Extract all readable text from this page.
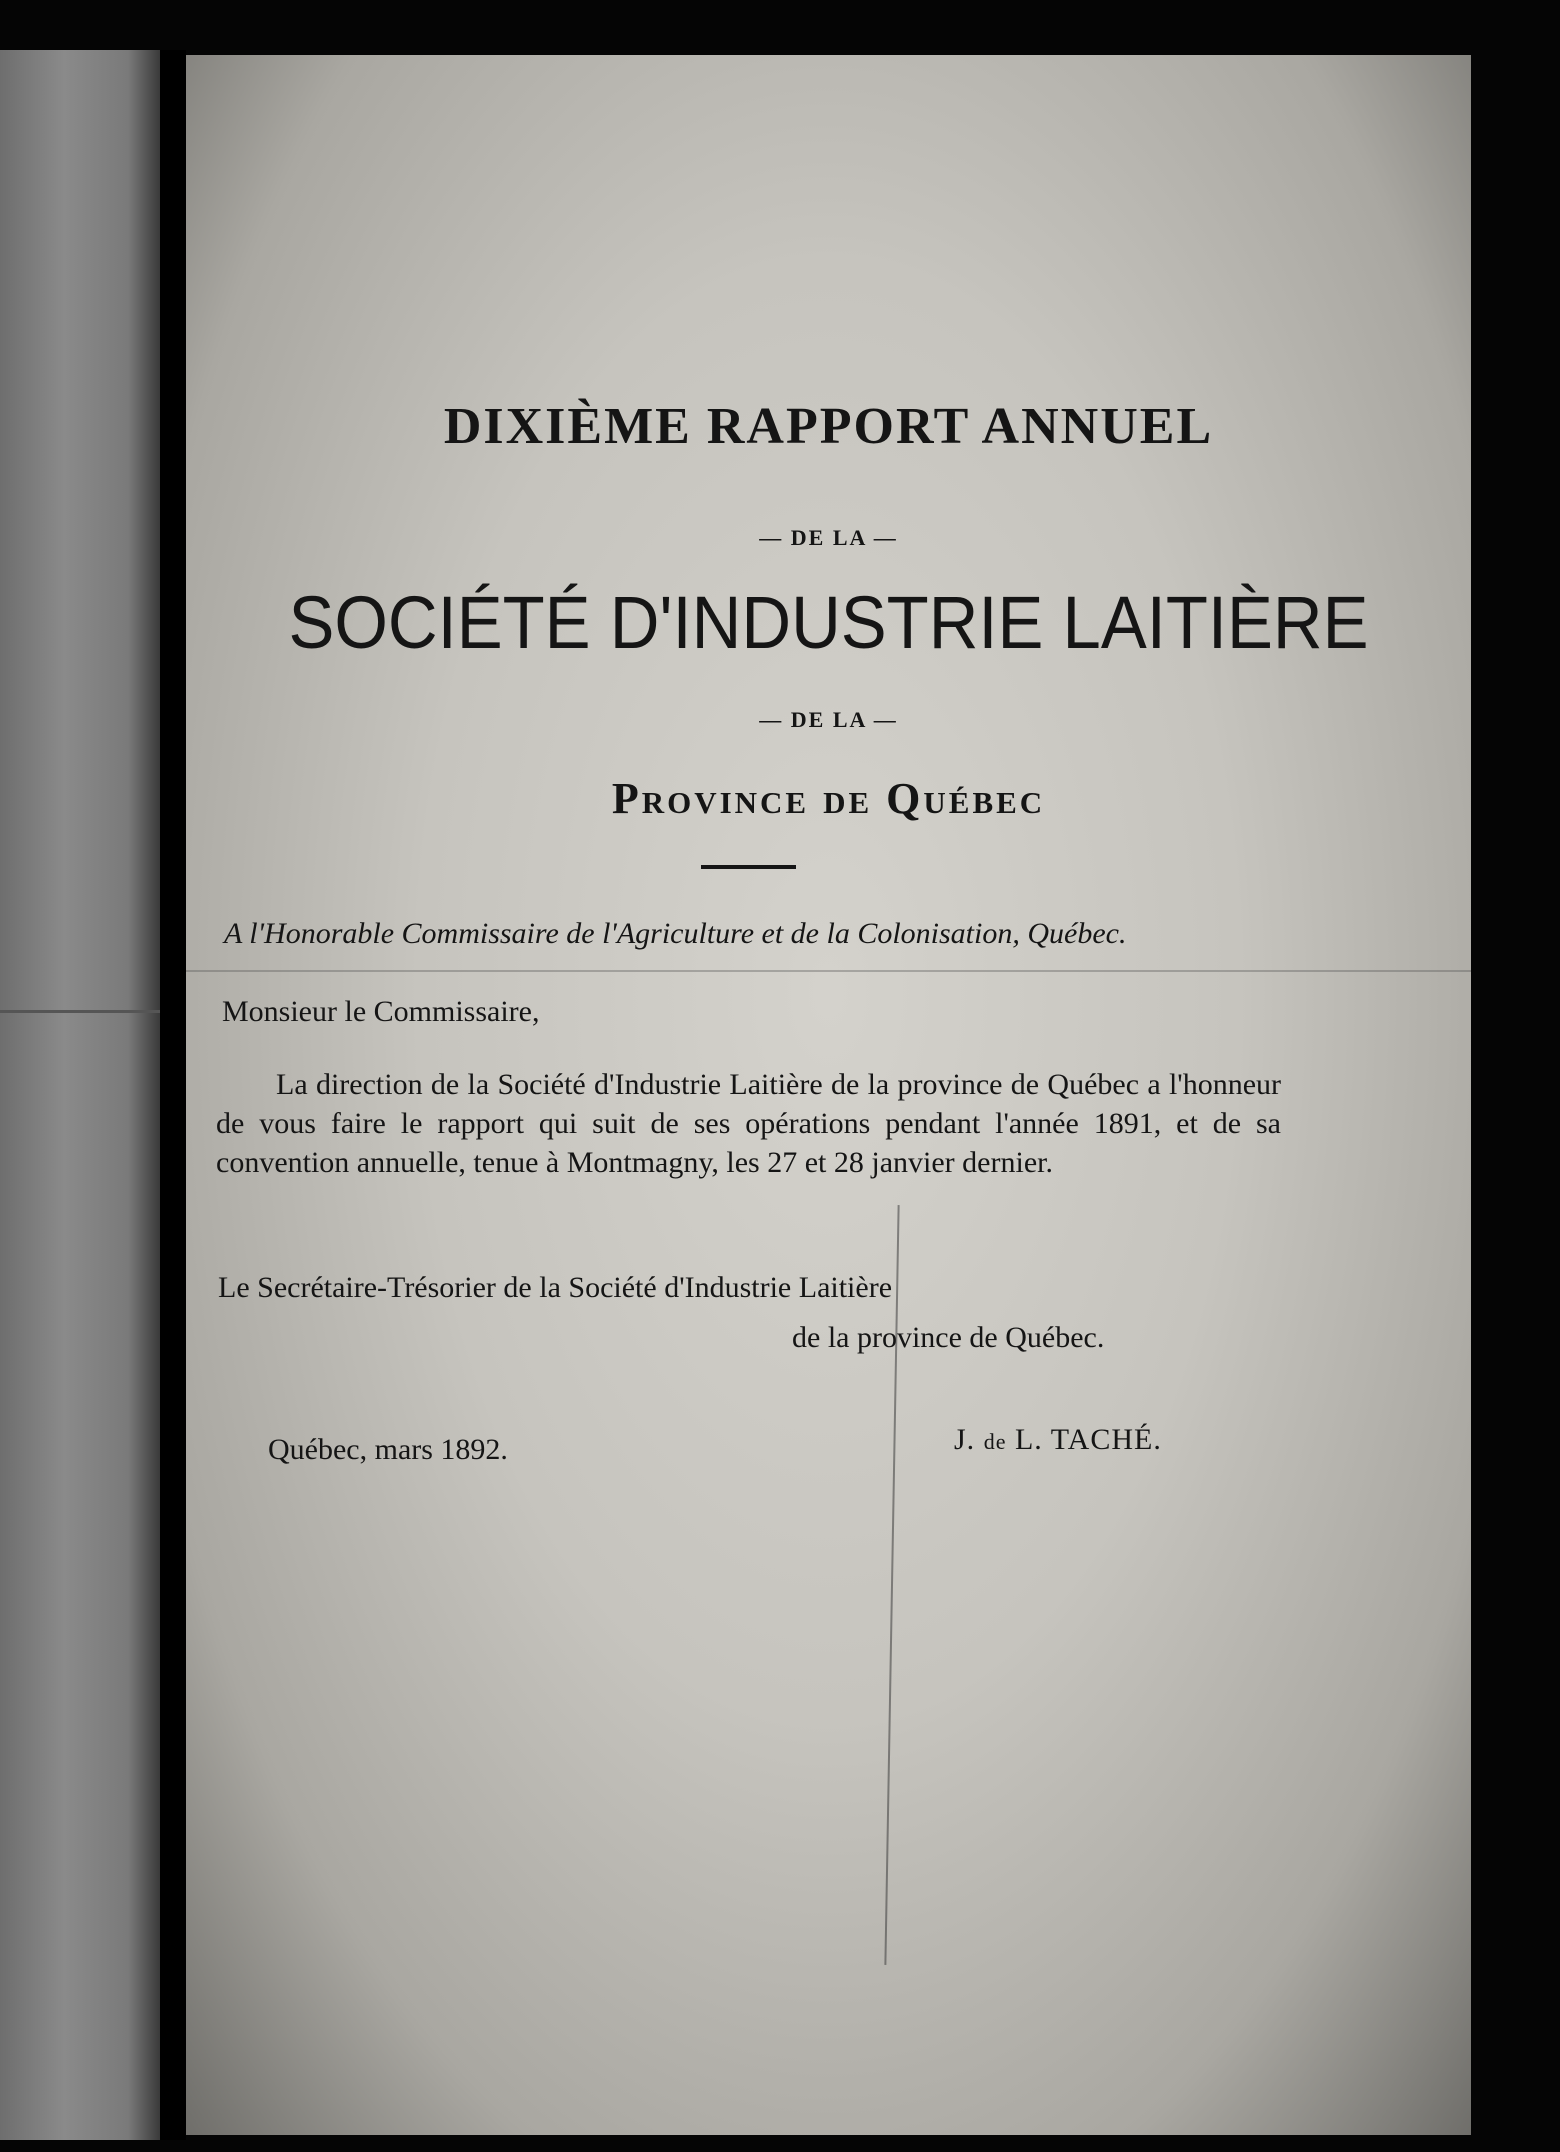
DIXIÈME RAPPORT ANNUEL
— DE LA —
SOCIÉTÉ D'INDUSTRIE LAITIÈRE
— DE LA —
Province de Québec
A l'Honorable Commissaire de l'Agriculture et de la Colonisation, Québec.
Monsieur le Commissaire,
La direction de la Société d'Industrie Laitière de la province de Québec a l'honneur de vous faire le rapport qui suit de ses opérations pendant l'année 1891, et de sa convention annuelle, tenue à Montmagny, les 27 et 28 janvier dernier.
Le Secrétaire-Trésorier de la Société d'Industrie Laitière
de la province de Québec.
Québec, mars 1892.	J. de L. TACHÉ.
